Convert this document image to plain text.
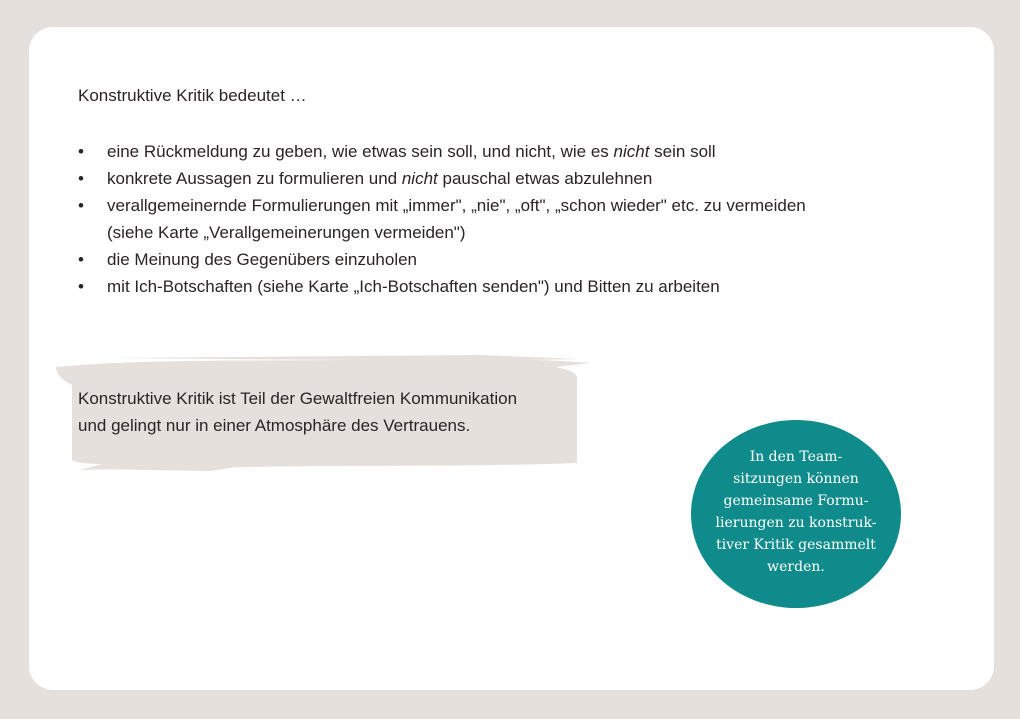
Konstruktive Kritik bedeutet …

• eine Rückmeldung zu geben, wie etwas sein soll, und nicht, wie es nicht sein soll
• konkrete Aussagen zu formulieren und nicht pauschal etwas abzulehnen
• verallgemeinernde Formulierungen mit „immer", „nie", „oft", „schon wieder" etc. zu vermeiden
(siehe Karte „Verallgemeinerungen vermeiden")
• die Meinung des Gegenübers einzuholen
• mit Ich-Botschaften (siehe Karte „Ich-Botschaften senden") und Bitten zu arbeiten

Konstruktive Kritik ist Teil der Gewaltfreien Kommunikation
und gelingt nur in einer Atmosphäre des Vertrauens.

In den Team-
sitzungen können
gemeinsame Formu-
lierungen zu konstruk-
tiver Kritik gesammelt
werden.
